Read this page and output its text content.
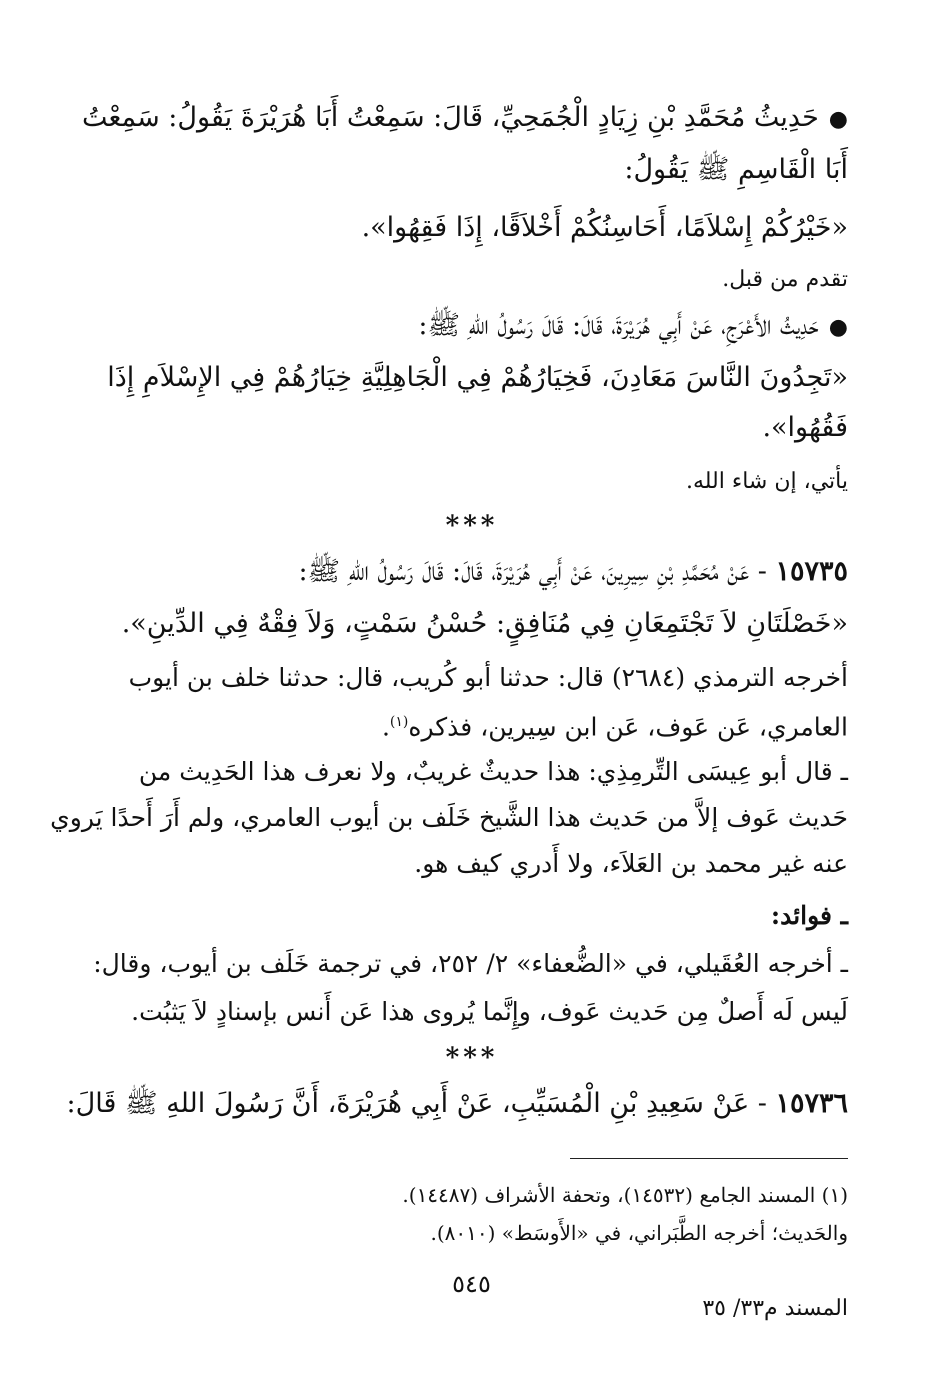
●حَدِيثُ مُحَمَّدِ بْنِ زِيَادٍ الْجُمَحِيِّ، قَالَ: سَمِعْتُ أَبَا هُرَيْرَةَ يَقُولُ: سَمِعْتُ
أَبَا الْقَاسِمِ ﷺ يَقُولُ:
«خَيْرُكُمْ إِسْلاَمًا، أَحَاسِنُكُمْ أَخْلاَقًا، إِذَا فَقِهُوا».
تقدم من قبل.
●حَدِيثُ الأَعْرَجِ، عَنْ أَبِي هُرَيْرَةَ، قَالَ: قَالَ رَسُولُ اللهِ ﷺ:
«تَجِدُونَ النَّاسَ مَعَادِنَ، فَخِيَارُهُمْ فِي الْجَاهِلِيَّةِ خِيَارُهُمْ فِي الإِسْلاَمِ إِذَا
فَقُهُوا».
يأتي، إن شاء الله.
***
١٥٧٣٥ - عَنْ مُحَمَّدِ بْنِ سِيرِينَ، عَنْ أَبِي هُرَيْرَةَ، قَالَ: قَالَ رَسُولُ اللهِ ﷺ:
«خَصْلَتَانِ لاَ تَجْتَمِعَانِ فِي مُنَافِقٍ: حُسْنُ سَمْتٍ، وَلاَ فِقْهٌ فِي الدِّينِ».
أخرجه الترمذي (٢٦٨٤) قال: حدثنا أبو كُريب، قال: حدثنا خلف بن أيوب
العامري، عَن عَوف، عَن ابن سِيرين، فذكره$^{(١)}$.
ـ قال أبو عِيسَى التِّرمِذِي: هذا حديثٌ غريبٌ، ولا نعرف هذا الحَدِيث من
حَديث عَوف إلاَّ من حَديث هذا الشَّيخ خَلَف بن أيوب العامري، ولم أَرَ أَحدًا يَروي
عنه غير محمد بن العَلاَء، ولا أَدري كيف هو.
ـ فوائد:
ـ أخرجه العُقَيلي، في «الضُّعفاء» ٢/ ٢٥٢، في ترجمة خَلَف بن أيوب، وقال:
لَيس لَه أَصلٌ مِن حَديث عَوف، وإِنَّما يُروى هذا عَن أَنس بإسنادٍ لاَ يَثبُت.
***
١٥٧٣٦ - عَنْ سَعِيدِ بْنِ الْمُسَيِّبِ، عَنْ أَبِي هُرَيْرَةَ، أَنَّ رَسُولَ اللهِ ﷺ قَالَ:
(١) المسند الجامع (١٤٥٣٢)، وتحفة الأشراف (١٤٤٨٧).
والحَديث؛ أخرجه الطَّبَراني، في «الأَوسَط» (٨٠١٠).
٥٤٥
المسند م٣٣/ ٣٥
